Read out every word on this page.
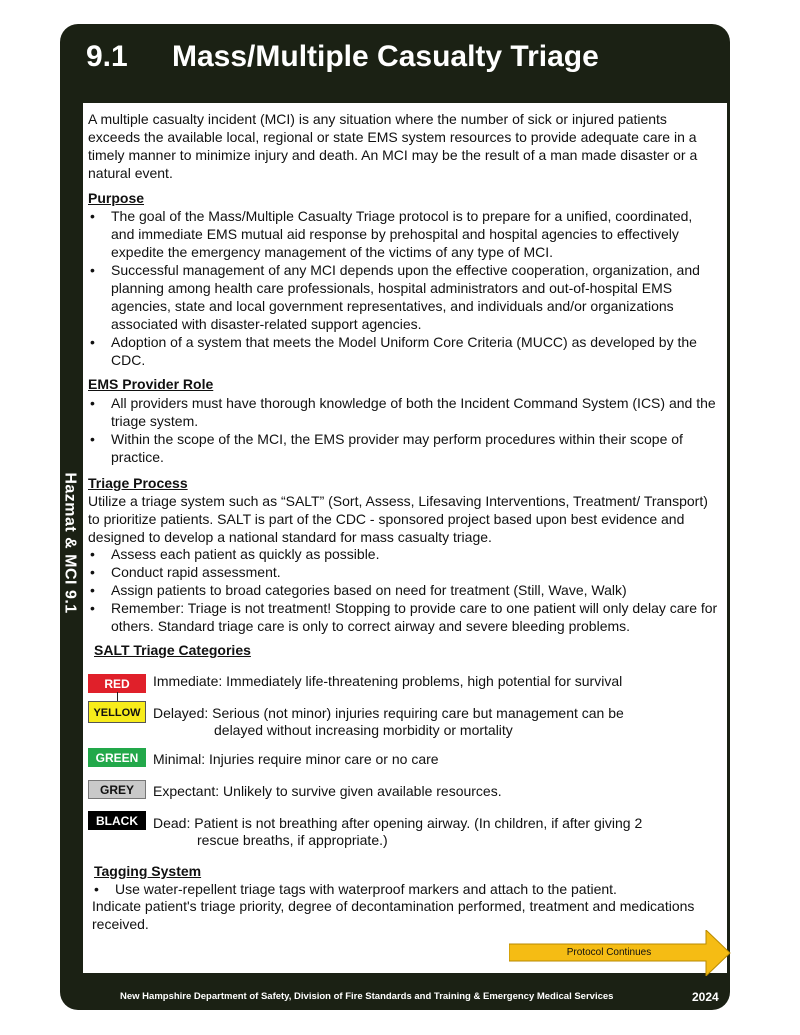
9.1 Mass/Multiple Casualty Triage
Hazmat & MCI 9.1
A multiple casualty incident (MCI) is any situation where the number of sick or injured patients exceeds the available local, regional or state EMS system resources to provide adequate care in a timely manner to minimize injury and death. An MCI may be the result of a man made disaster or a natural event.
Purpose
• The goal of the Mass/Multiple Casualty Triage protocol is to prepare for a unified, coordinated, and immediate EMS mutual aid response by prehospital and hospital agencies to effectively expedite the emergency management of the victims of any type of MCI.
• Successful management of any MCI depends upon the effective cooperation, organization, and planning among health care professionals, hospital administrators and out-of-hospital EMS agencies, state and local government representatives, and individuals and/or organizations associated with disaster-related support agencies.
• Adoption of a system that meets the Model Uniform Core Criteria (MUCC) as developed by the CDC.
EMS Provider Role
• All providers must have thorough knowledge of both the Incident Command System (ICS) and the triage system.
• Within the scope of the MCI, the EMS provider may perform procedures within their scope of practice.
Triage Process
Utilize a triage system such as “SALT” (Sort, Assess, Lifesaving Interventions, Treatment/ Transport) to prioritize patients. SALT is part of the CDC - sponsored project based upon best evidence and designed to develop a national standard for mass casualty triage.
• Assess each patient as quickly as possible.
• Conduct rapid assessment.
• Assign patients to broad categories based on need for treatment (Still, Wave, Walk)
• Remember: Triage is not treatment! Stopping to provide care to one patient will only delay care for others. Standard triage care is only to correct airway and severe bleeding problems.
SALT Triage Categories
RED	Immediate: Immediately life-threatening problems, high potential for survival
YELLOW Delayed: Serious (not minor) injuries requiring care but management can be
delayed without increasing morbidity or mortality
GREEN	Minimal: Injuries require minor care or no care
GREY	Expectant: Unlikely to survive given available resources.
BLACK	Dead: Patient is not breathing after opening airway. (In children, if after giving 2
rescue breaths, if appropriate.)
Tagging System
• Use water-repellent triage tags with waterproof markers and attach to the patient.
Indicate patient's triage priority, degree of decontamination performed, treatment and medications received.
Protocol Continues
New Hampshire Department of Safety, Division of Fire Standards and Training & Emergency Medical Services	2024
